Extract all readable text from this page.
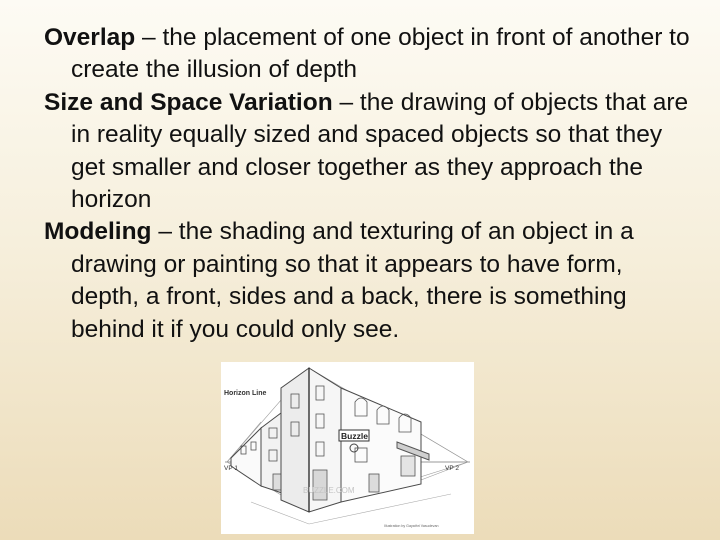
Overlap – the placement of one object in front of another to create the illusion of depth

Size and Space Variation – the drawing of objects that are in reality equally sized and spaced objects so that they get smaller and closer together as they approach the horizon

Modeling – the shading and texturing of an object in a drawing or painting so that it appears to have form, depth, a front, sides and a back, there is something behind it if you could only see.

Buzzle
Horizon Line
VP 1	VP 2
BUZZLE.COM
Illustration by Gayathri Vasudevan
